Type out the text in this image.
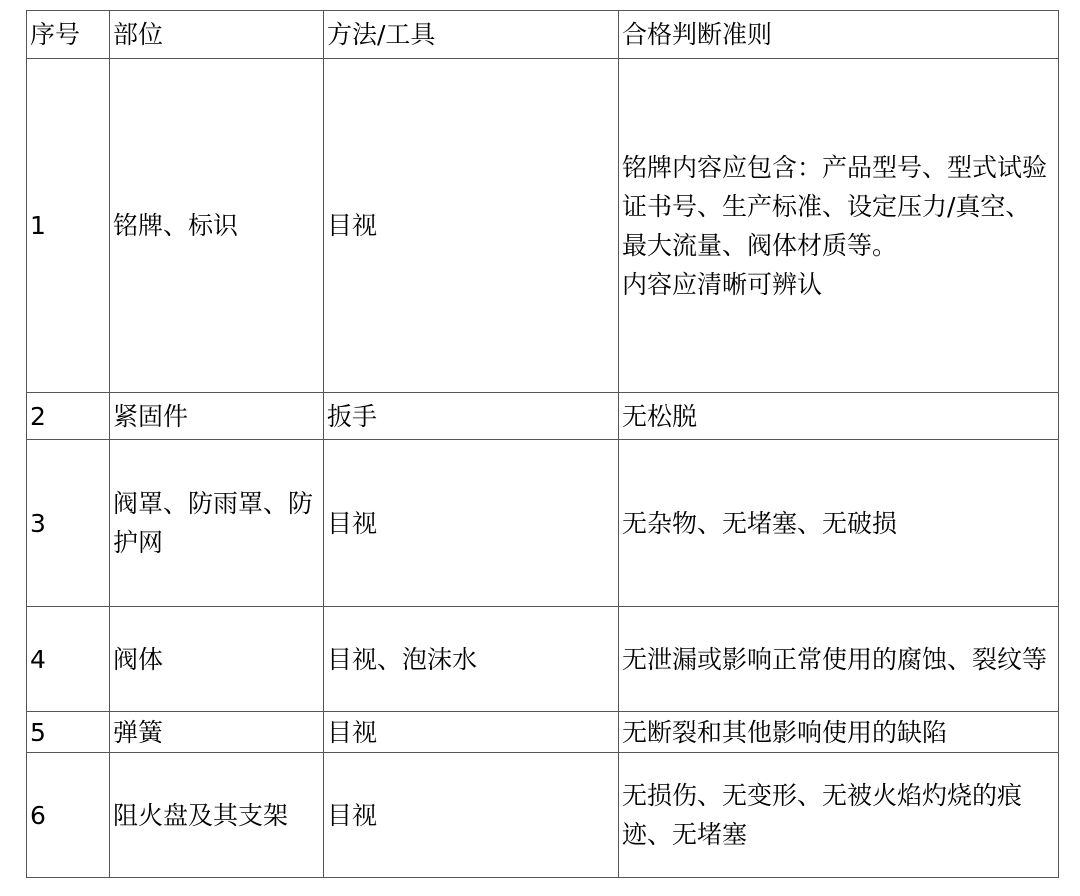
序号	部位	方法/工具	合格判断准则
1	铭牌、标识	目视	铭牌内容应包含：产品型号、型式试验证书号、生产标准、设定压力/真空、最大流量、阀体材质等。
内容应清晰可辨认

2	紧固件	扳手	无松脱
3	阀罩、防雨罩、防护网	目视	无杂物、无堵塞、无破损
4	阀体	目视、泡沫水	无泄漏或影响正常使用的腐蚀、裂纹等
5	弹簧	目视	无断裂和其他影响使用的缺陷
6	阻火盘及其支架	目视	无损伤、无变形、无被火焰灼烧的痕迹、无堵塞
